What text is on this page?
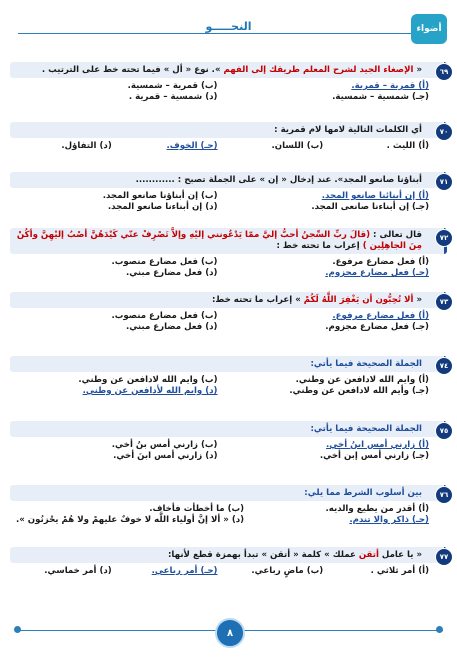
النحـــــو	أضواء
٦٩
« الإصغاء الجيد لشرح المعلم طريقك إلى الفهم ». نوع « أل » فيما تحته خط على الترتيب .
(أ) قمرية – قمرية.
(ب) قمرية – شمسية.
(جـ) شمسية – شمسية.
(د) شمسية – قمرية .
٧٠
أي الكلمات التالية لامها لام قمرية :
(أ) الليث .
(ب) اللسان.
(جـ) الخوف.
(د) التفاؤل.
٧١
أبناؤنا صانعو المجد». عند إدخال « إن » على الجملة تصبح : ............
(أ) إن أبنائنا صانعو المجد.
(ب) إن أبناؤنا صانعو المجد.
(جـ) إن أبناءنا صانعى المجد.
(د) إن أبناءنا صانعو المجد.
٧٢
قال تعالى : (قالَ ربِّ السِّجنُ أحبُّ إليَّ ممّا يَدْعُونني إليْهِ وإلاَّ تَصْرِفْ عنّي كَيْدَهُنَّ أصْبُ إليْهِنَّ وأكُنْ مِنَ الجاهِلِين ) إعراب ما تحته خط :
(أ) فعل مضارع مرفوع.
(ب) فعل مضارع منصوب.
(جـ) فعل مضارع مجزوم.
(د) فعل مضارع مبني.
٧٣
« ألا تُحِبُّون أن يَغْفِرَ اللَّهُ لَكُمْ » إعراب ما تحته خط:
(أ) فعل مضارع مرفوع.
(ب) فعل مضارع منصوب.
(جـ) فعل مضارع مجزوم.
(د) فعل مضارع مبني.
٧٤
الجملة الصحيحة فيما يأتي:
(أ) وايم الله لادافعن عن وطني.
(ب) وايم الله لادافعن عن وطني.
(جـ) وأيم الله لادافعن عن وطني.
(د) وايم الله لأدافعن عن وطني.
٧٥
الجملة الصحيحة فيما يأتي:
(أ) زارني أمس ابنُ أخي.
(ب) زارني أمس بنُ أخي.
(جـ) زارني أمس إبن أخي.
(د) زارني أمس ابنَ أخي.
٧٦
بين أسلوب الشرط مما يلي:
(أ) أقدر من يطيع والديه.
(ب) ما أخطأت فأخاف.
(جـ) ذاكر والا تندم.
(د) « ألا إنَّ أولياء اللَّه لا خوفٌ عليهمْ ولا هُمْ يحْزنُون ».
٧٧
« يا عامل أتقن عملك » كلمة « أتقن » تبدأ بهمزة قطع لأنها:
(أ) أمر ثلاثي .
(ب) ماضٍ رباعي.
(جـ) أمر رباعي.
(د) أمر خماسي.
٨
